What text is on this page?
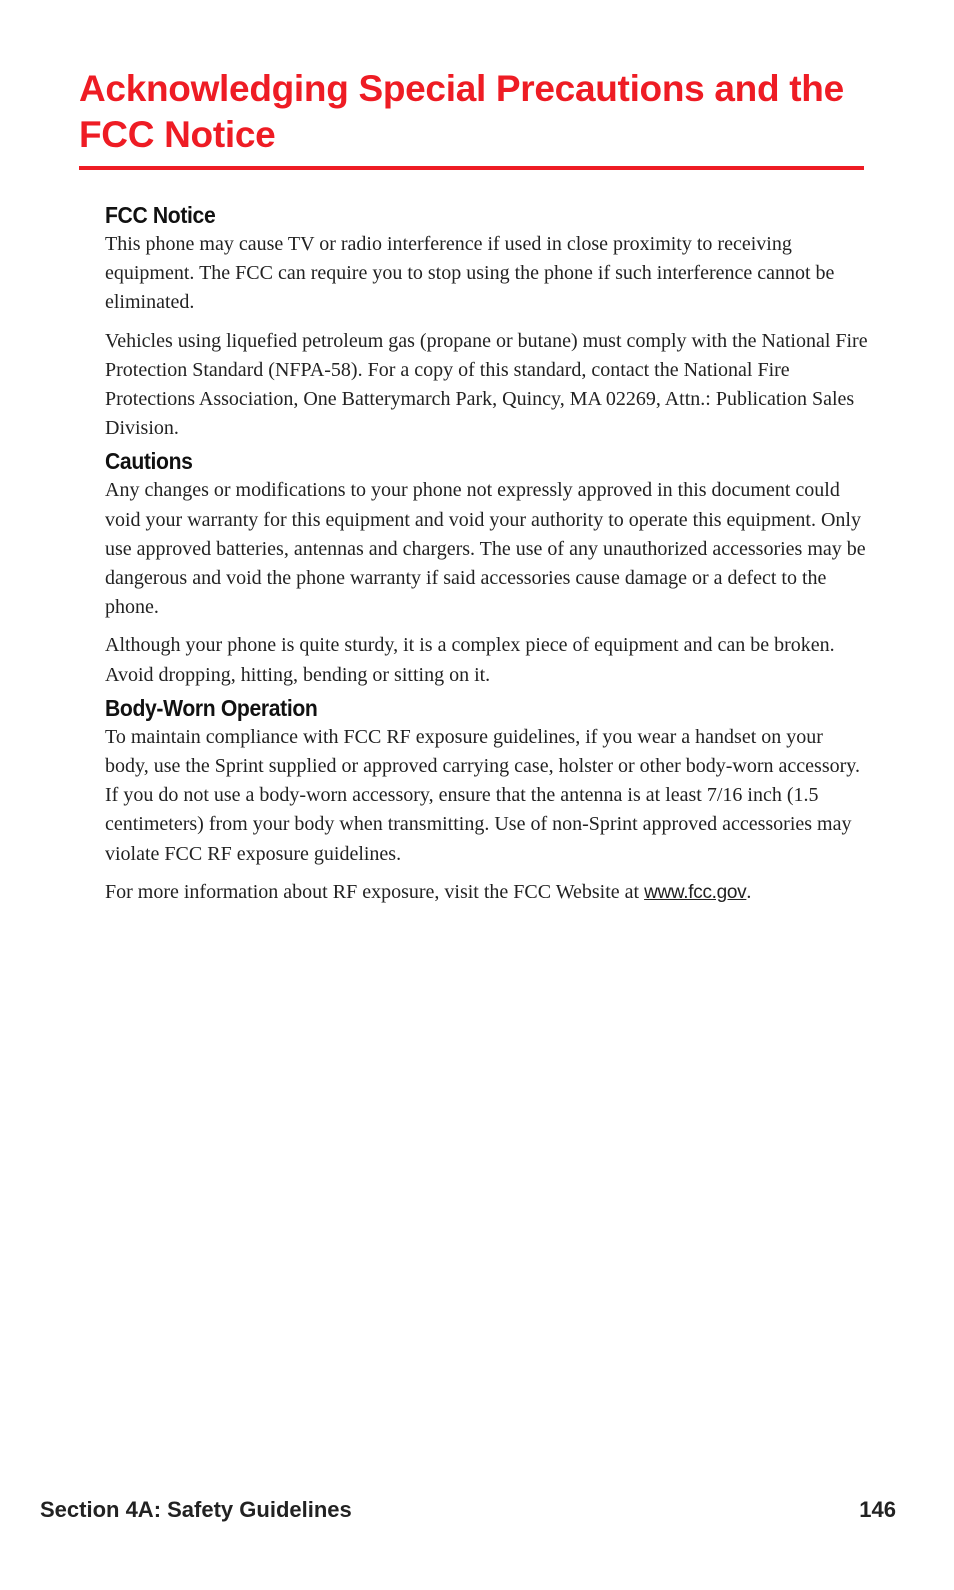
Acknowledging Special Precautions and the FCC Notice
FCC Notice

This phone may cause TV or radio interference if used in close proximity to receiving equipment. The FCC can require you to stop using the phone if such interference cannot be eliminated.

Vehicles using liquefied petroleum gas (propane or butane) must comply with the National Fire Protection Standard (NFPA-58). For a copy of this standard, contact the National Fire Protections Association, One Batterymarch Park, Quincy, MA 02269, Attn.: Publication Sales Division.

Cautions

Any changes or modifications to your phone not expressly approved in this document could void your warranty for this equipment and void your authority to operate this equipment. Only use approved batteries, antennas and chargers. The use of any unauthorized accessories may be dangerous and void the phone warranty if said accessories cause damage or a defect to the phone.

Although your phone is quite sturdy, it is a complex piece of equipment and can be broken. Avoid dropping, hitting, bending or sitting on it.

Body-Worn Operation

To maintain compliance with FCC RF exposure guidelines, if you wear a handset on your body, use the Sprint supplied or approved carrying case, holster or other body-worn accessory. If you do not use a body-worn accessory, ensure that the antenna is at least 7/16 inch (1.5 centimeters) from your body when transmitting. Use of non-Sprint approved accessories may violate FCC RF exposure guidelines.

For more information about RF exposure, visit the FCC Website at www.fcc.gov.

Section 4A: Safety Guidelines	146
